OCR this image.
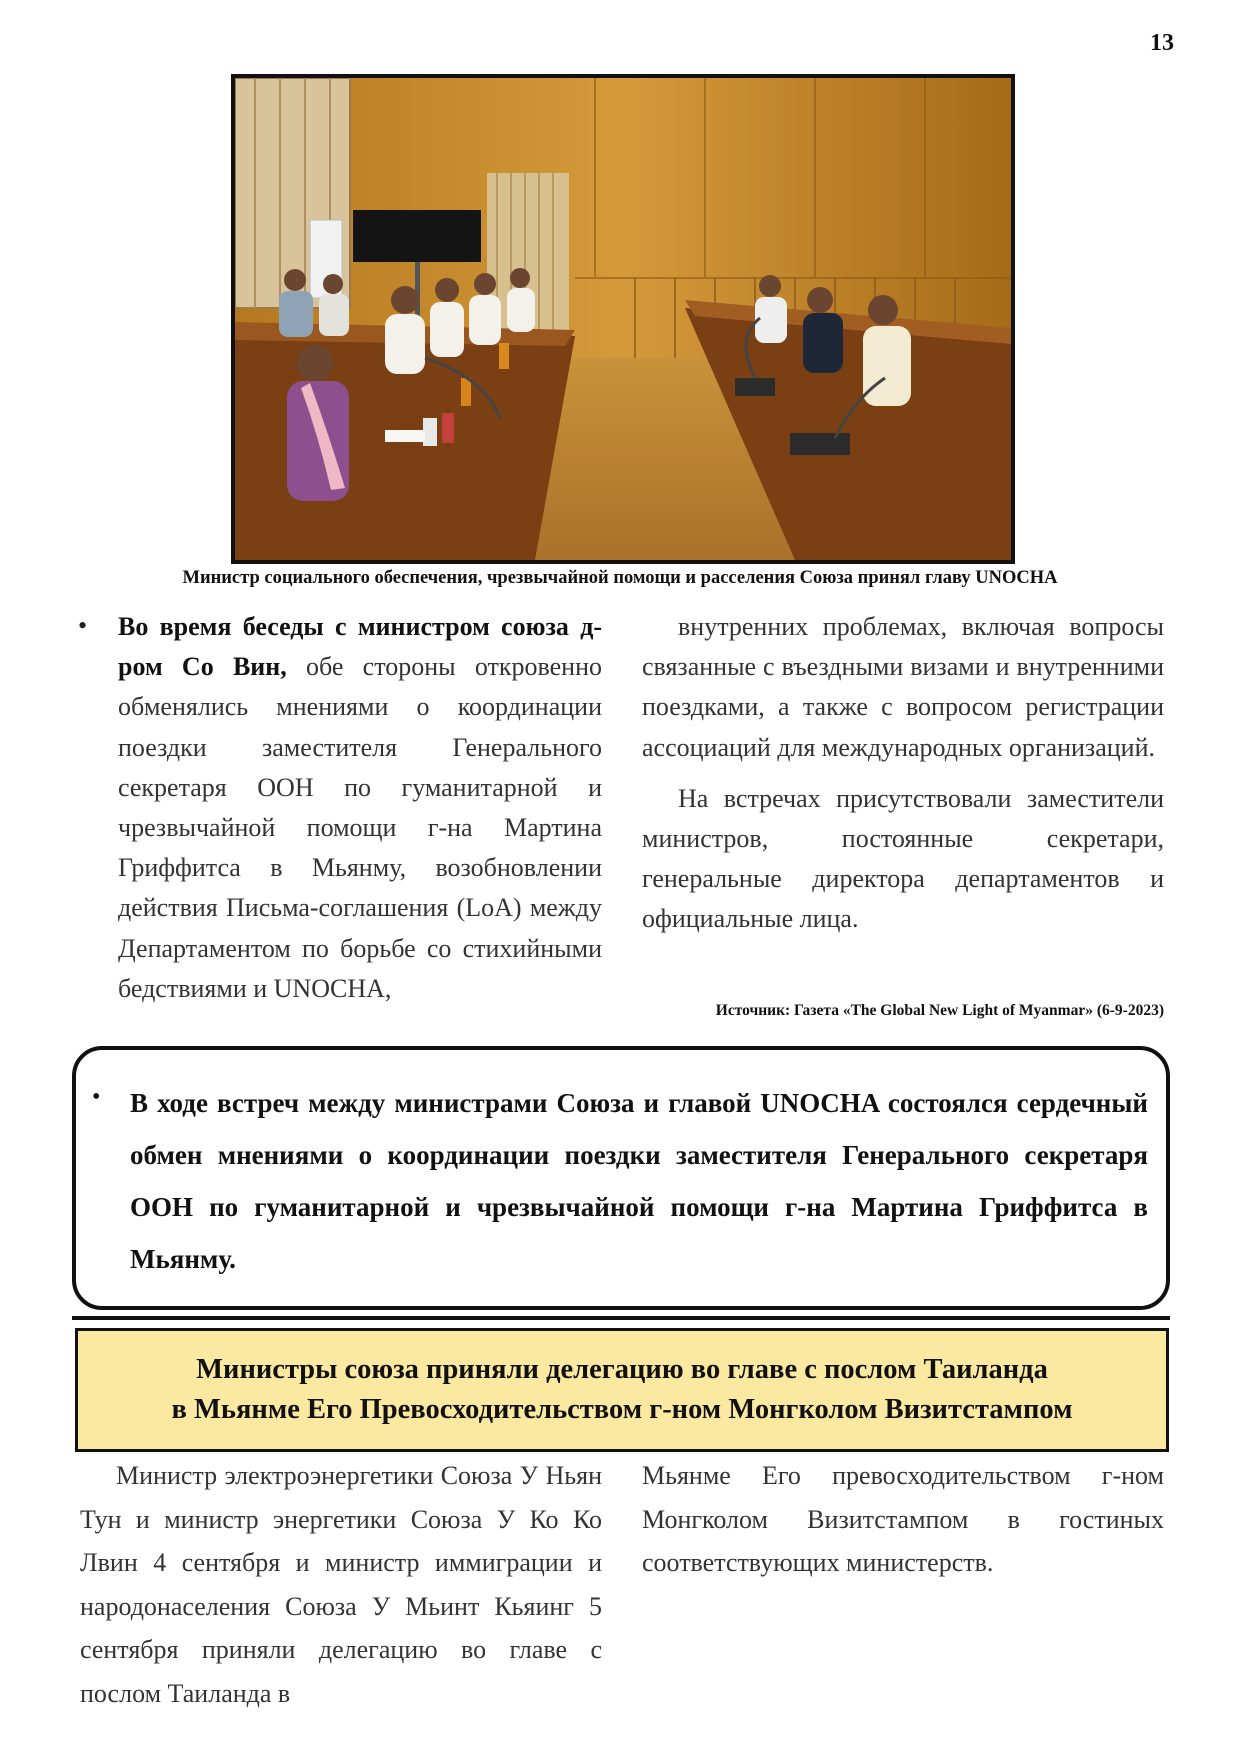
13
Министр социального обеспечения, чрезвычайной помощи и расселения Союза принял главу UNOCHA
• Во время беседы с министром союза д-ром Со Вин, обе стороны откровенно обменялись мнениями о координации поездки заместителя Генерального секретаря ООН по гуманитарной и чрезвычайной помощи г-на Мартина Гриффитса в Мьянму, возобновлении действия Письма-соглашения (LoA) между Департаментом по борьбе со стихийными бедствиями и UNOCHA,

внутренних проблемах, включая вопросы связанные с въездными визами и внутренними поездками, а также с вопросом регистрации ассоциаций для международных организаций.

На встречах присутствовали заместители министров, постоянные секретари, генеральные директора департаментов и официальные лица.

Источник: Газета «The Global New Light of Myanmar» (6-9-2023)
• В ходе встреч между министрами Союза и главой UNOCHA состоялся сердечный обмен мнениями о координации поездки заместителя Генерального секретаря ООН по гуманитарной и чрезвычайной помощи г-на Мартина Гриффитса в Мьянму.
Министры союза приняли делегацию во главе с послом Таиланда
в Мьянме Его Превосходительством г-ном Монгколом Визитстампом

Министр электроэнергетики Союза У Ньян Тун и министр энергетики Союза У Ко Ко Лвин 4 сентября и министр иммиграции и народонаселения Союза У Мьинт Кьяинг 5 сентября приняли делегацию во главе с послом Таиланда в

Мьянме Его превосходительством г-ном Монгколом Визитстампом в гостиных соответствующих министерств.
